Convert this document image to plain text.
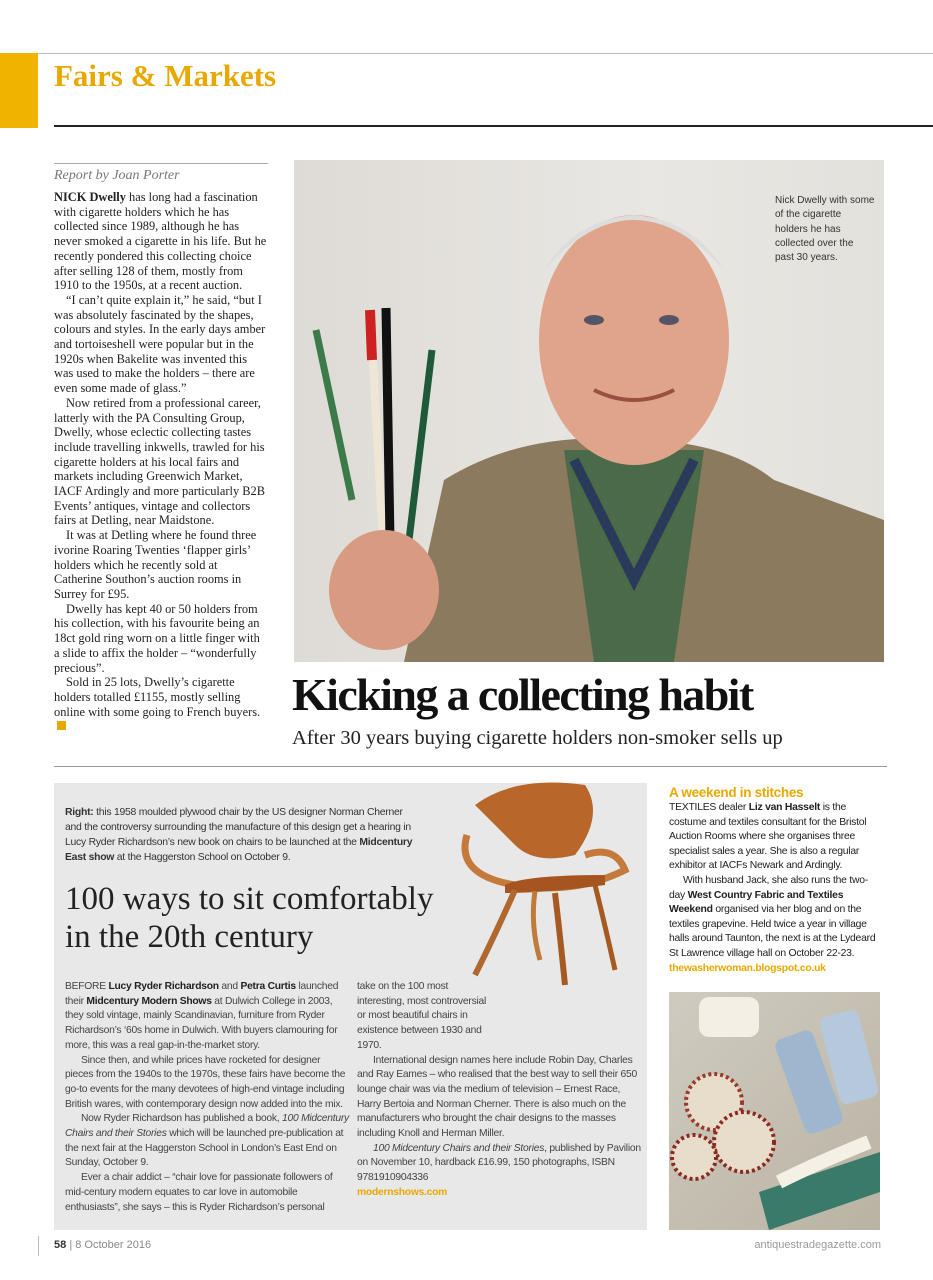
Fairs & Markets
Report by Joan Porter

NICK Dwelly has long had a fascination with cigarette holders which he has collected since 1989, although he has never smoked a cigarette in his life. But he recently pondered this collecting choice after selling 128 of them, mostly from 1910 to the 1950s, at a recent auction.

“I can’t quite explain it,” he said, “but I was absolutely fascinated by the shapes, colours and styles. In the early days amber and tortoiseshell were popular but in the 1920s when Bakelite was invented this was used to make the holders – there are even some made of glass.”

Now retired from a professional career, latterly with the PA Consulting Group, Dwelly, whose eclectic collecting tastes include travelling inkwells, trawled for his cigarette holders at his local fairs and markets including Greenwich Market, IACF Ardingly and more particularly B2B Events’ antiques, vintage and collectors fairs at Detling, near Maidstone.

It was at Detling where he found three ivorine Roaring Twenties ‘flapper girls’ holders which he recently sold at Catherine Southon’s auction rooms in Surrey for £95.

Dwelly has kept 40 or 50 holders from his collection, with his favourite being an 18ct gold ring worn on a little finger with a slide to affix the holder – “wonderfully precious”.

Sold in 25 lots, Dwelly’s cigarette holders totalled £1155, mostly selling online with some going to French buyers.

Nick Dwelly with some of the cigarette holders he has collected over the past 30 years.
Kicking a collecting habit
After 30 years buying cigarette holders non-smoker sells up
Right: this 1958 moulded plywood chair by the US designer Norman Cherner and the controversy surrounding the manufacture of this design get a hearing in Lucy Ryder Richardson’s new book on chairs to be launched at the Midcentury East show at the Haggerston School on October 9.
100 ways to sit comfortably
in the 20th century

BEFORE Lucy Ryder Richardson and Petra Curtis launched their Midcentury Modern Shows at Dulwich College in 2003, they sold vintage, mainly Scandinavian, furniture from Ryder Richardson’s ‘60s home in Dulwich. With buyers clamouring for more, this was a real gap-in-the-market story.

Since then, and while prices have rocketed for designer pieces from the 1940s to the 1970s, these fairs have become the go-to events for the many devotees of high-end vintage including British wares, with contemporary design now added into the mix.

Now Ryder Richardson has published a book, 100 Midcentury Chairs and their Stories which will be launched pre-publication at the next fair at the Haggerston School in London’s East End on Sunday, October 9.

Ever a chair addict – “chair love for passionate followers of mid-century modern equates to car love in automobile enthusiasts”, she says – this is Ryder Richardson’s personal

take on the 100 most interesting, most controversial or most beautiful chairs in existence between 1930 and 1970.

International design names here include Robin Day, Charles and Ray Eames – who realised that the best way to sell their 650 lounge chair was via the medium of television – Ernest Race, Harry Bertoia and Norman Cherner. There is also much on the manufacturers who brought the chair designs to the masses including Knoll and Herman Miller.

100 Midcentury Chairs and their Stories, published by Pavilion on November 10, hardback £16.99, 150 photographs, ISBN 9781910904336

modernshows.com
A weekend in stitches

TEXTILES dealer Liz van Hasselt is the costume and textiles consultant for the Bristol Auction Rooms where she organises three specialist sales a year. She is also a regular exhibitor at IACFs Newark and Ardingly.

With husband Jack, she also runs the two-day West Country Fabric and Textiles Weekend organised via her blog and on the textiles grapevine. Held twice a year in village halls around Taunton, the next is at the Lydeard St Lawrence village hall on October 22-23.

thewasherwoman.blogspot.co.uk
58 | 8 October 2016	antiquestradegazette.com
